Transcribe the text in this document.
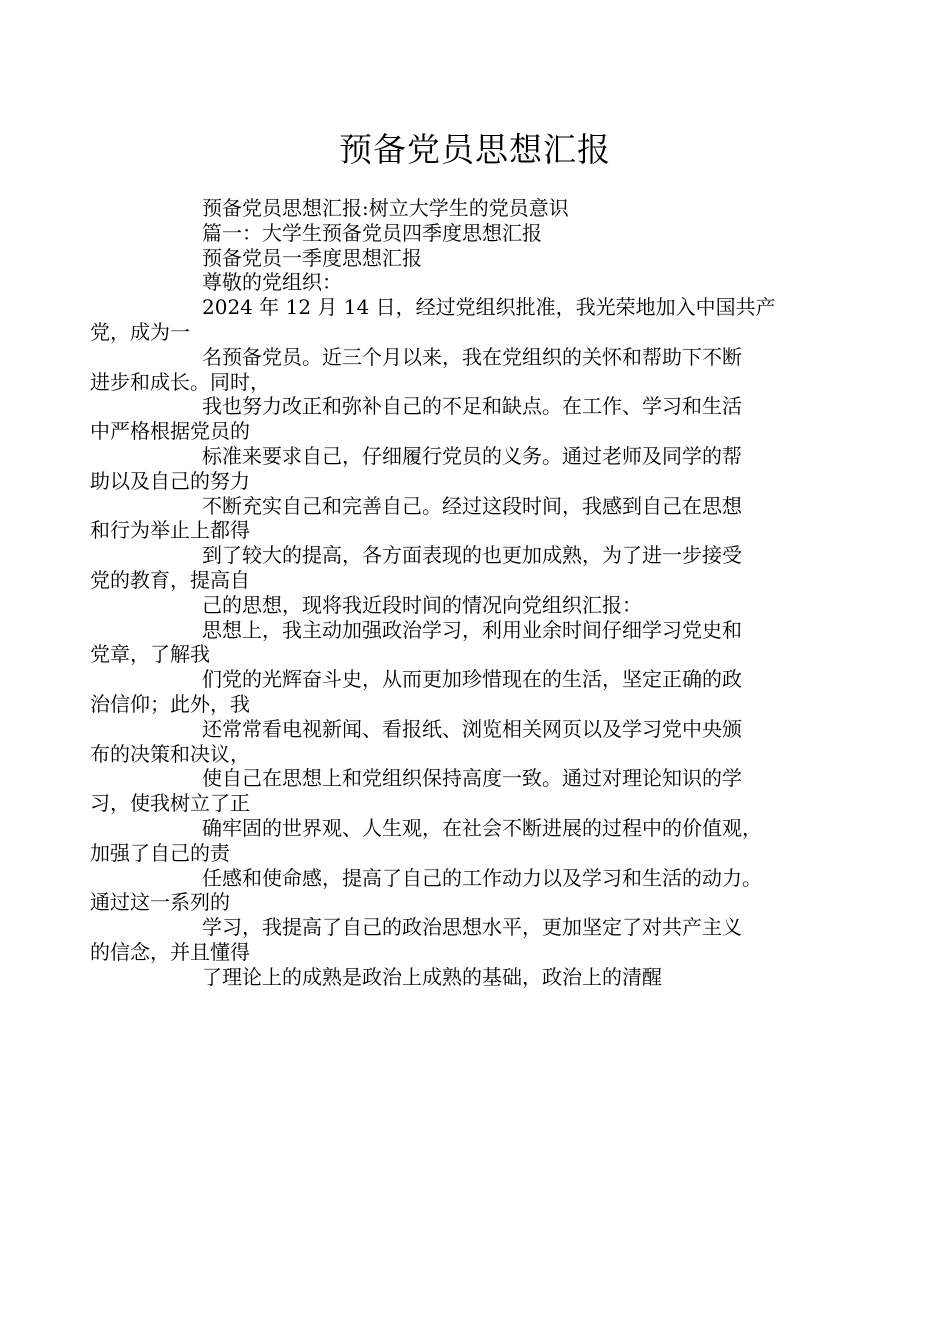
预备党员思想汇报

预备党员思想汇报:树立大学生的党员意识

篇一：大学生预备党员四季度思想汇报

预备党员一季度思想汇报

尊敬的党组织：

2024 年 12 月 14 日，经过党组织批准，我光荣地加入中国共产
党，成为一

名预备党员。近三个月以来，我在党组织的关怀和帮助下不断
进步和成长。同时，

我也努力改正和弥补自己的不足和缺点。在工作、学习和生活
中严格根据党员的

标准来要求自己，仔细履行党员的义务。通过老师及同学的帮
助以及自己的努力

不断充实自己和完善自己。经过这段时间，我感到自己在思想
和行为举止上都得

到了较大的提高，各方面表现的也更加成熟，为了进一步接受
党的教育，提高自

己的思想，现将我近段时间的情况向党组织汇报：

思想上，我主动加强政治学习，利用业余时间仔细学习党史和
党章，了解我

们党的光辉奋斗史，从而更加珍惜现在的生活，坚定正确的政
治信仰；此外，我

还常常看电视新闻、看报纸、浏览相关网页以及学习党中央颁
布的决策和决议，

使自己在思想上和党组织保持高度一致。通过对理论知识的学
习，使我树立了正

确牢固的世界观、人生观，在社会不断进展的过程中的价值观，
加强了自己的责

任感和使命感，提高了自己的工作动力以及学习和生活的动力。
通过这一系列的

学习，我提高了自己的政治思想水平，更加坚定了对共产主义
的信念，并且懂得

了理论上的成熟是政治上成熟的基础，政治上的清醒
